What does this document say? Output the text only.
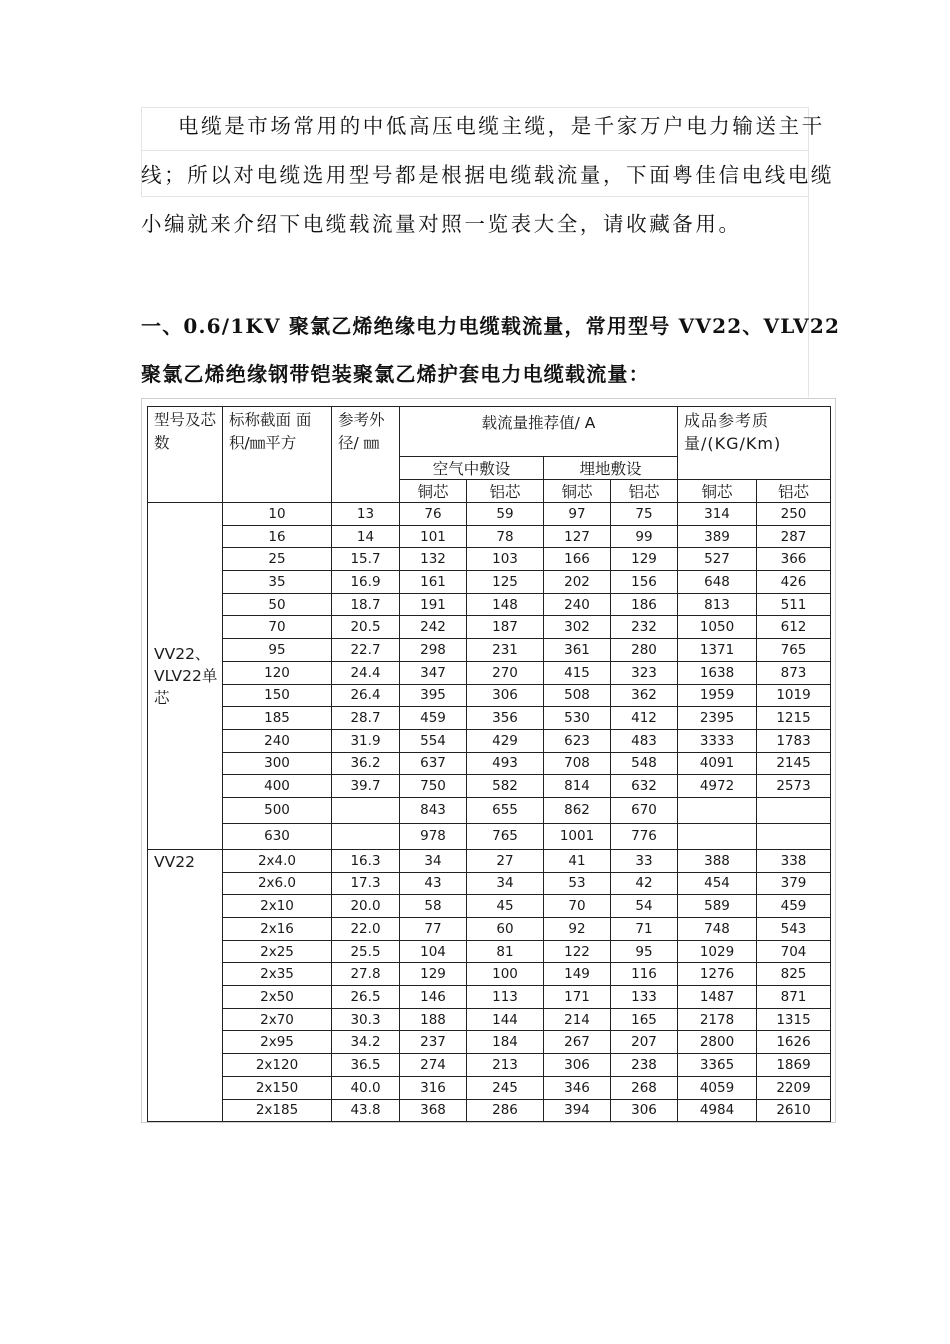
电缆是市场常用的中低高压电缆主缆，是千家万户电力输送主干
线；所以对电缆选用型号都是根据电缆载流量，下面粤佳信电线电缆
小编就来介绍下电缆载流量对照一览表大全，请收藏备用。
一、0.6/1KV 聚氯乙烯绝缘电力电缆载流量，常用型号 VV22、VLV22
聚氯乙烯绝缘钢带铠装聚氯乙烯护套电力电缆载流量：
型号及芯数	标称截面 面积/㎜平方	参考外径/ ㎜	载流量推荐值/ A				成品参考质量/(KG/Km)	
			空气中敷设		埋地敷设			
			铜芯	铝芯	铜芯	铝芯	铜芯	铝芯

VV22、VLV22单芯	10	13	76	59	97	75	314	250
	16	14	101	78	127	99	389	287
	25	15.7	132	103	166	129	527	366
	35	16.9	161	125	202	156	648	426
	50	18.7	191	148	240	186	813	511
	70	20.5	242	187	302	232	1050	612
	95	22.7	298	231	361	280	1371	765
	120	24.4	347	270	415	323	1638	873
	150	26.4	395	306	508	362	1959	1019
	185	28.7	459	356	530	412	2395	1215
	240	31.9	554	429	623	483	3333	1783
	300	36.2	637	493	708	548	4091	2145
	400	39.7	750	582	814	632	4972	2573
	500		843	655	862	670		
	630		978	765	1001	776		

VV22	2x4.0	16.3	34	27	41	33	388	338
	2x6.0	17.3	43	34	53	42	454	379
	2x10	20.0	58	45	70	54	589	459
	2x16	22.0	77	60	92	71	748	543
	2x25	25.5	104	81	122	95	1029	704
	2x35	27.8	129	100	149	116	1276	825
	2x50	26.5	146	113	171	133	1487	871
	2x70	30.3	188	144	214	165	2178	1315
	2x95	34.2	237	184	267	207	2800	1626
	2x120	36.5	274	213	306	238	3365	1869
	2x150	40.0	316	245	346	268	4059	2209
	2x185	43.8	368	286	394	306	4984	2610
